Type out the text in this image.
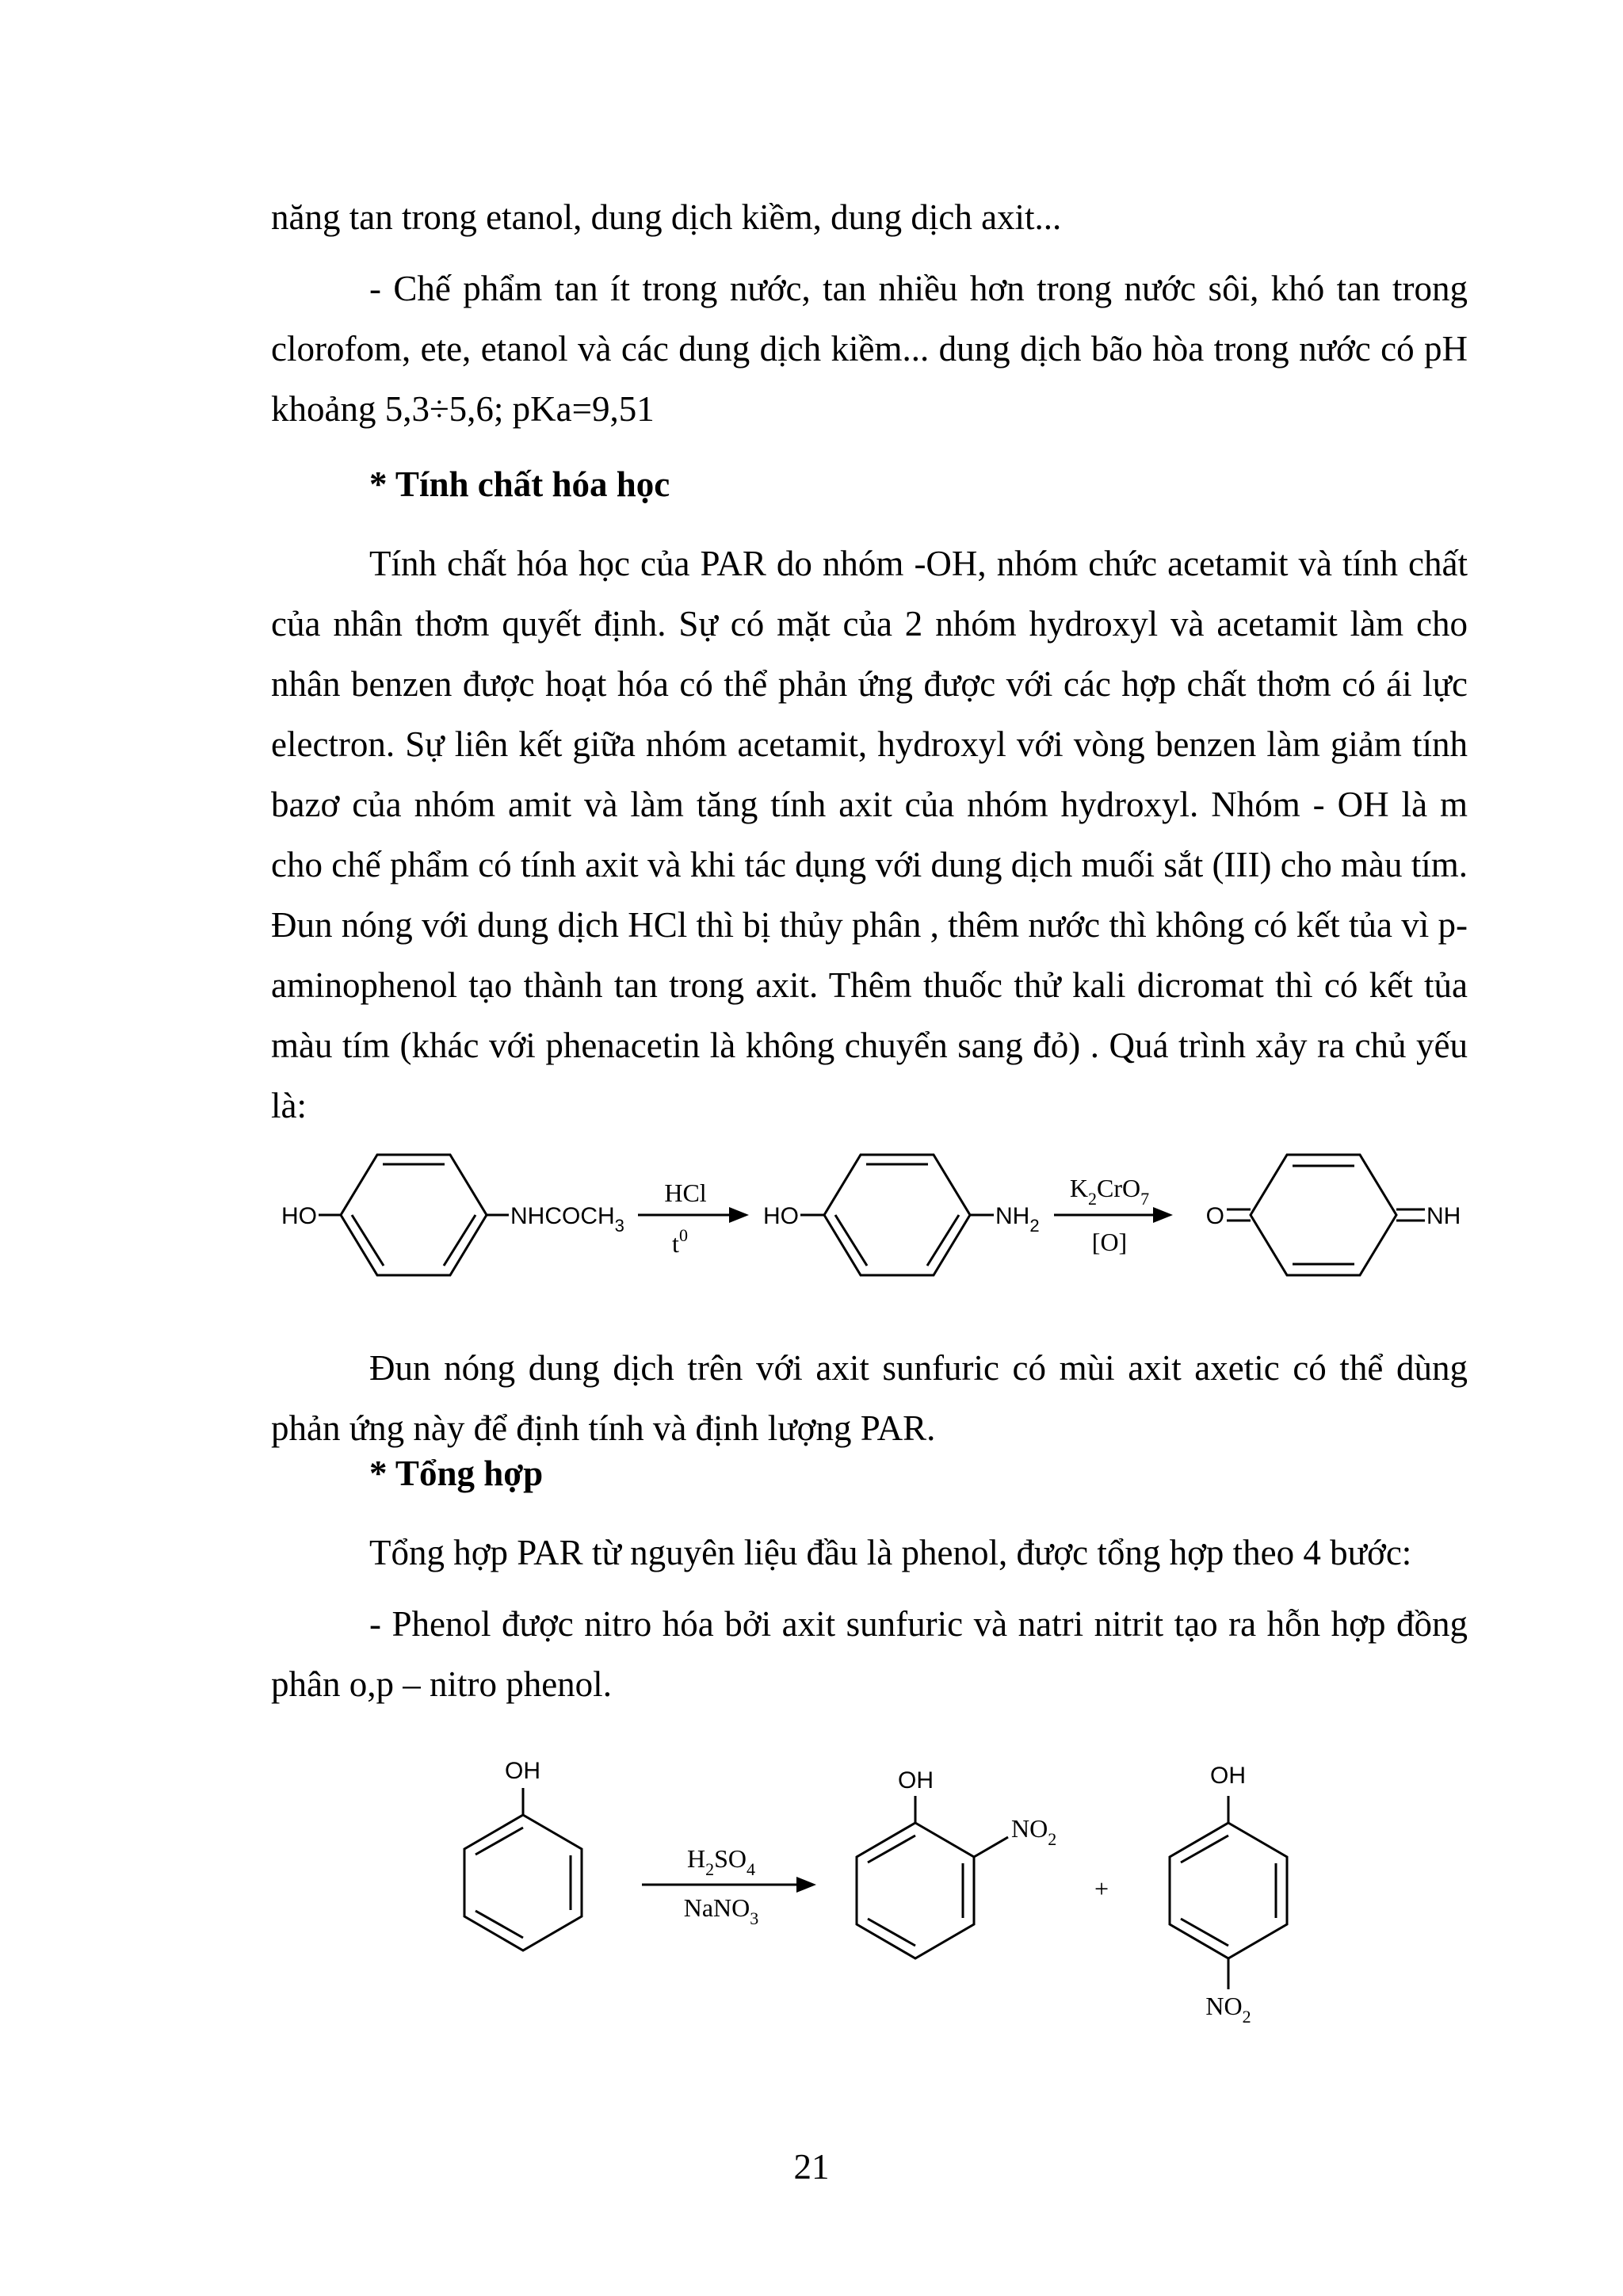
năng tan trong etanol, dung dịch kiềm, dung dịch axit...

- Chế phẩm tan ít trong nước, tan nhiều hơn trong nước sôi, khó tan trong clorofom, ete, etanol và các dung dịch kiềm... dung dịch bão hòa trong nước có pH khoảng 5,3÷5,6; pKa=9,51

* Tính chất hóa học

Tính chất hóa học của PAR do nhóm -OH, nhóm chức acetamit và tính chất của nhân thơm quyết định. Sự có mặt của 2 nhóm hydroxyl và acetamit làm cho nhân benzen được hoạt hóa có thể phản ứng được với các hợp chất thơm có ái lực electron. Sự liên kết giữa nhóm acetamit, hydroxyl với vòng benzen làm giảm tính bazơ của nhóm amit và làm tăng tính axit của nhóm hydroxyl. Nhóm - OH là m cho chế phẩm có tính axit và khi tác dụng với dung dịch muối sắt (III) cho màu tím. Đun nóng với dung dịch HCl thì bị thủy phân , thêm nước thì không có kết tủa vì p-aminophenol tạo thành tan trong axit. Thêm thuốc thử kali dicromat thì có kết tủa màu tím (khác với phenacetin là không chuyển sang đỏ) . Quá trình xảy ra chủ yếu là:

HO	$NHCOCH_3$	HO	$NH_2$	O	NH
HCl
$t^0$
$K_2CrO_7$
[O]

Đun nóng dung dịch trên với axit sunfuric có mùi axit axetic có thể dùng phản ứng này để định tính và định lượng PAR.

* Tổng hợp

Tổng hợp PAR từ nguyên liệu đầu là phenol, được tổng hợp theo 4 bước:

- Phenol được nitro hóa bởi axit sunfuric và natri nitrit tạo ra hỗn hợp đồng phân o,p – nitro phenol.

OH	OH	OH
$H_2SO_4$
NaNO$_3$
$NO_2$
+
$NO_2$
21
